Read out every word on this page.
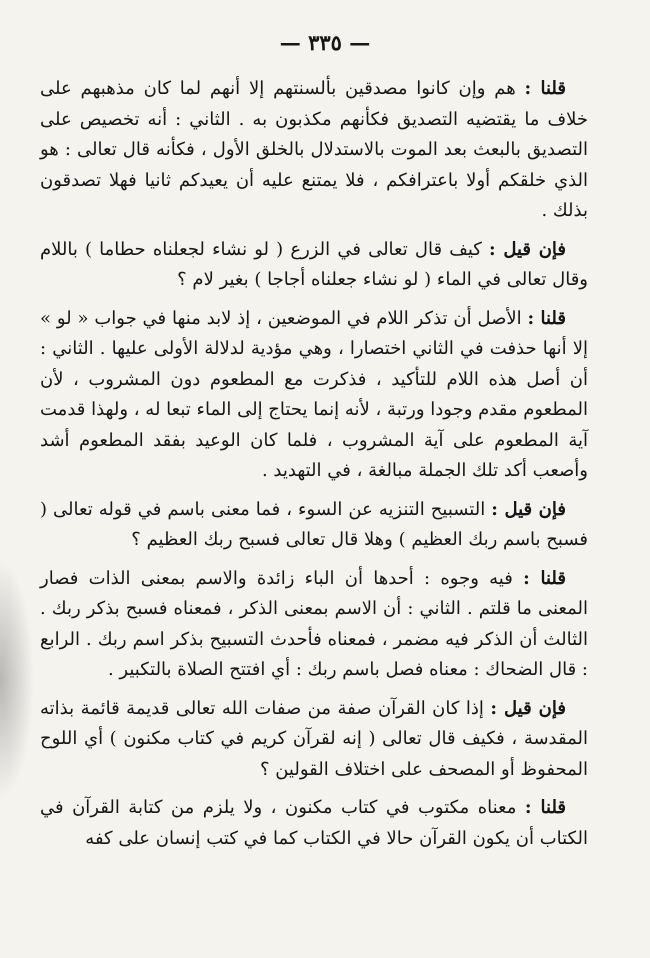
— ٣٣٥ —

قلنا : هم وإن كانوا مصدقين بألسنتهم إلا أنهم لما كان مذهبهم على خلاف ما يقتضيه التصديق فكأنهم مكذبون به . الثاني : أنه تخصيص على التصديق بالبعث بعد الموت بالاستدلال بالخلق الأول ، فكأنه قال تعالى : هو الذي خلقكم أولا باعترافكم ، فلا يمتنع عليه أن يعيدكم ثانيا فهلا تصدقون بذلك .

فإن قيل : كيف قال تعالى في الزرع ( لو نشاء لجعلناه حطاما ) باللام وقال تعالى في الماء ( لو نشاء جعلناه أجاجا ) بغير لام ؟

قلنا : الأصل أن تذكر اللام في الموضعين ، إذ لابد منها في جواب « لو » إلا أنها حذفت في الثاني اختصارا ، وهي مؤدية لدلالة الأولى عليها . الثاني : أن أصل هذه اللام للتأكيد ، فذكرت مع المطعوم دون المشروب ، لأن المطعوم مقدم وجودا ورتبة ، لأنه إنما يحتاج إلى الماء تبعا له ، ولهذا قدمت آية المطعوم على آية المشروب ، فلما كان الوعيد بفقد المطعوم أشد وأصعب أكد تلك الجملة مبالغة ، في التهديد .

فإن قيل : التسبيح التنزيه عن السوء ، فما معنى باسم في قوله تعالى ( فسبح باسم ربك العظيم ) وهلا قال تعالى فسبح ربك العظيم ؟

قلنا : فيه وجوه : أحدها أن الباء زائدة والاسم بمعنى الذات فصار المعنى ما قلتم . الثاني : أن الاسم بمعنى الذكر ، فمعناه فسبح بذكر ربك . الثالث أن الذكر فيه مضمر ، فمعناه فأحدث التسبيح بذكر اسم ربك . الرابع : قال الضحاك : معناه فصل باسم ربك : أي افتتح الصلاة بالتكبير .

فإن قيل : إذا كان القرآن صفة من صفات الله تعالى قديمة قائمة بذاته المقدسة ، فكيف قال تعالى ( إنه لقرآن كريم في كتاب مكنون ) أي اللوح المحفوظ أو المصحف على اختلاف القولين ؟

قلنا : معناه مكتوب في كتاب مكنون ، ولا يلزم من كتابة القرآن في الكتاب أن يكون القرآن حالا في الكتاب كما في كتب إنسان على كفه
